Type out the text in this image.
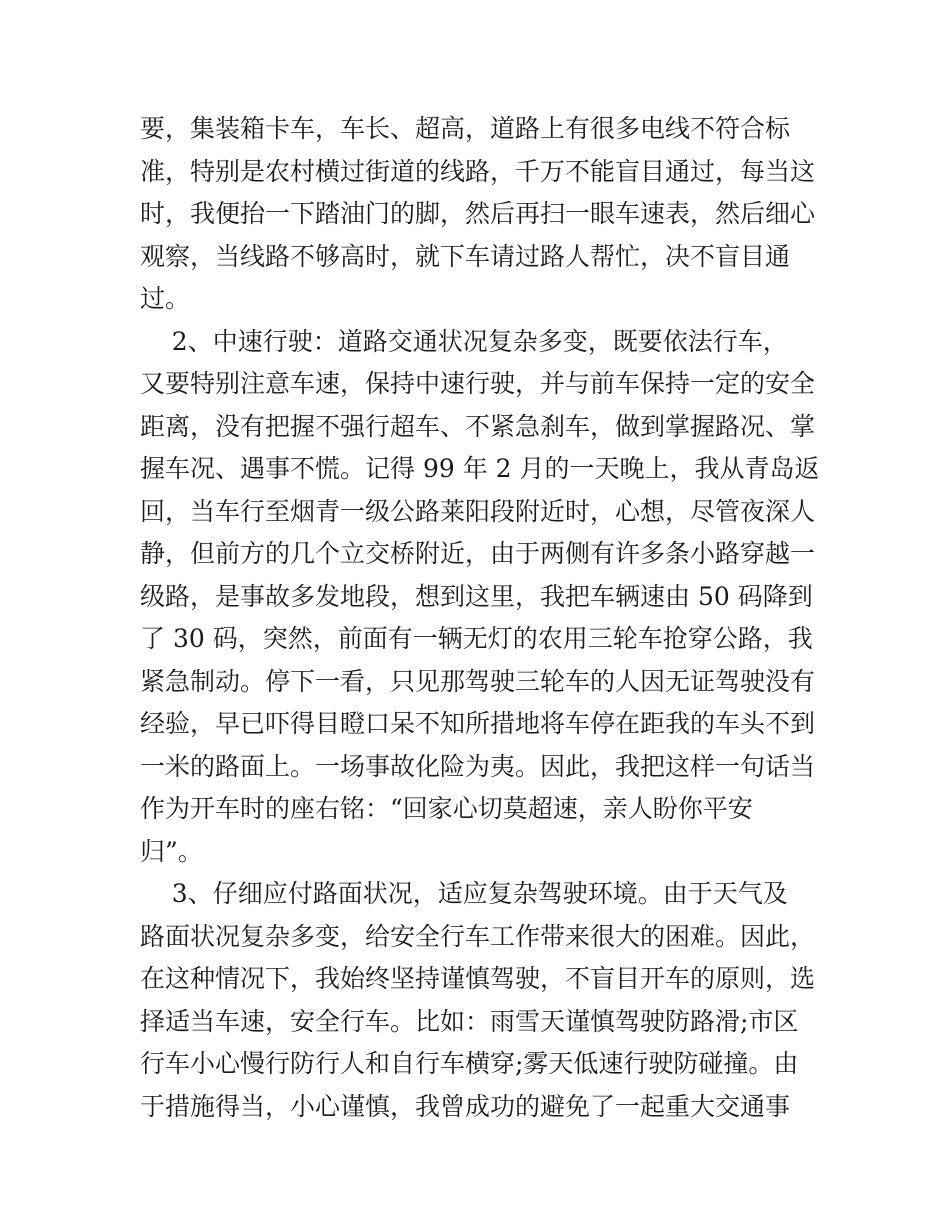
要，集装箱卡车，车长、超高，道路上有很多电线不符合标
准，特别是农村横过街道的线路，千万不能盲目通过，每当这
时，我便抬一下踏油门的脚，然后再扫一眼车速表，然后细心
观察，当线路不够高时，就下车请过路人帮忙，决不盲目通
过。
2、中速行驶：道路交通状况复杂多变，既要依法行车，
又要特别注意车速，保持中速行驶，并与前车保持一定的安全
距离，没有把握不强行超车、不紧急刹车，做到掌握路况、掌
握车况、遇事不慌。记得 99 年 2 月的一天晚上，我从青岛返
回，当车行至烟青一级公路莱阳段附近时，心想，尽管夜深人
静，但前方的几个立交桥附近，由于两侧有许多条小路穿越一
级路，是事故多发地段，想到这里，我把车辆速由 50 码降到
了 30 码，突然，前面有一辆无灯的农用三轮车抢穿公路，我
紧急制动。停下一看，只见那驾驶三轮车的人因无证驾驶没有
经验，早已吓得目瞪口呆不知所措地将车停在距我的车头不到
一米的路面上。一场事故化险为夷。因此，我把这样一句话当
作为开车时的座右铭：“回家心切莫超速，亲人盼你平安
归”。
3、仔细应付路面状况，适应复杂驾驶环境。由于天气及
路面状况复杂多变，给安全行车工作带来很大的困难。因此，
在这种情况下，我始终坚持谨慎驾驶，不盲目开车的原则，选
择适当车速，安全行车。比如：雨雪天谨慎驾驶防路滑;市区
行车小心慢行防行人和自行车横穿;雾天低速行驶防碰撞。由
于措施得当，小心谨慎，我曾成功的避免了一起重大交通事
